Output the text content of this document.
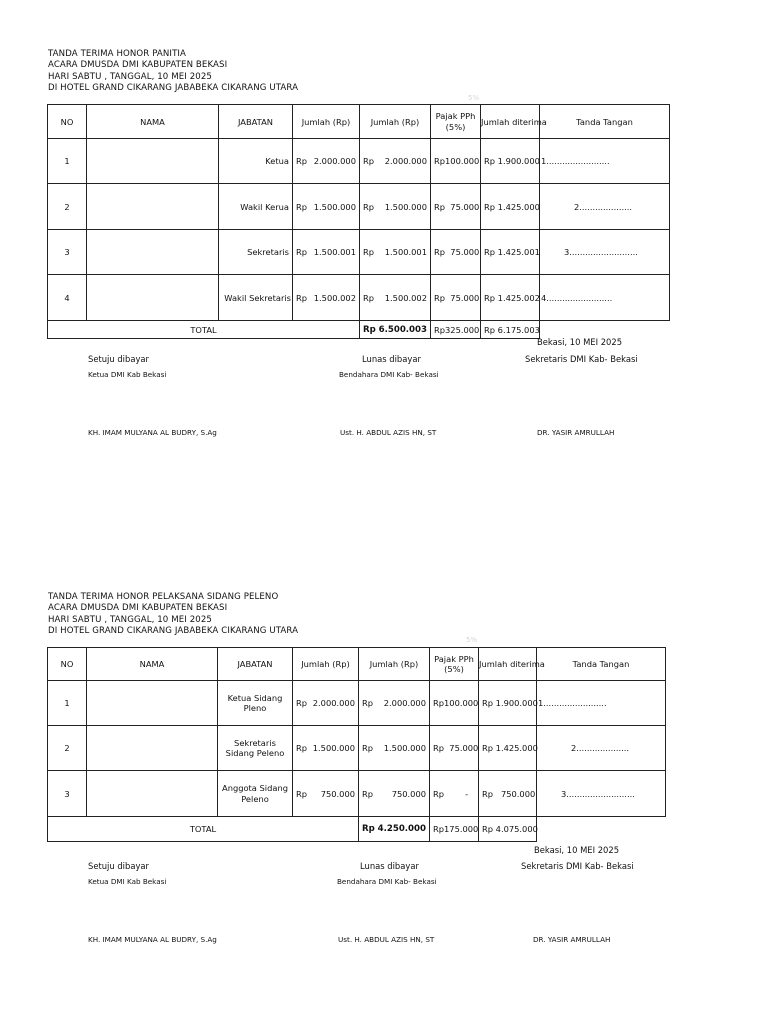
TANDA TERIMA HONOR PANITIA
ACARA DMUSDA DMI KABUPATEN BEKASI
HARI SABTU , TANGGAL, 10 MEI 2025
DI HOTEL GRAND CIKARANG JABABEKA CIKARANG UTARA
5%
NO	NAMA	JABATAN	Jumlah (Rp)	Jumlah (Rp)	Pajak PPh (5%)	Jumlah diterima	Tanda Tangan
1		Ketua	Rp 2.000.000	Rp 2.000.000	Rp100.000	Rp 1.900.000	1........................
2		Wakil Kerua	Rp 1.500.000	Rp 1.500.000	Rp  75.000	Rp 1.425.000	2....................
3		Sekretaris	Rp 1.500.001	Rp 1.500.001	Rp  75.000	Rp 1.425.001	3..........................
4		Wakil Sekretaris	Rp 1.500.002	Rp 1.500.002	Rp  75.000	Rp 1.425.002	4.........................
TOTAL				Rp 6.500.003	Rp325.000	Rp 6.175.003	
Bekasi, 10 MEI 2025
Setuju dibayar	Lunas dibayar	Sekretaris DMI Kab- Bekasi
Ketua DMI Kab Bekasi	Bendahara DMI Kab- Bekasi
KH. IMAM MULYANA AL BUDRY, S.Ag	Ust. H. ABDUL AZIS HN, ST	DR. YASIR AMRULLAH
TANDA TERIMA HONOR PELAKSANA SIDANG PELENO
ACARA DMUSDA DMI KABUPATEN BEKASI
HARI SABTU , TANGGAL, 10 MEI 2025
DI HOTEL GRAND CIKARANG JABABEKA CIKARANG UTARA
5%
NO	NAMA	JABATAN	Jumlah (Rp)	Jumlah (Rp)	Pajak PPh (5%)	Jumlah diterima	Tanda Tangan
1		Ketua Sidang Pleno	Rp 2.000.000	Rp 2.000.000	Rp100.000	Rp 1.900.000	1........................
2		Sekretaris Sidang Peleno	Rp 1.500.000	Rp 1.500.000	Rp  75.000	Rp 1.425.000	2....................
3		Anggota Sidang Peleno	Rp 750.000	Rp 750.000	Rp        -	Rp   750.000	3..........................
TOTAL				Rp 4.250.000	Rp175.000	Rp 4.075.000	
Bekasi, 10 MEI 2025
Setuju dibayar	Lunas dibayar	Sekretaris DMI Kab- Bekasi
Ketua DMI Kab Bekasi	Bendahara DMI Kab- Bekasi
KH. IMAM MULYANA AL BUDRY, S.Ag	Ust. H. ABDUL AZIS HN, ST	DR. YASIR AMRULLAH
